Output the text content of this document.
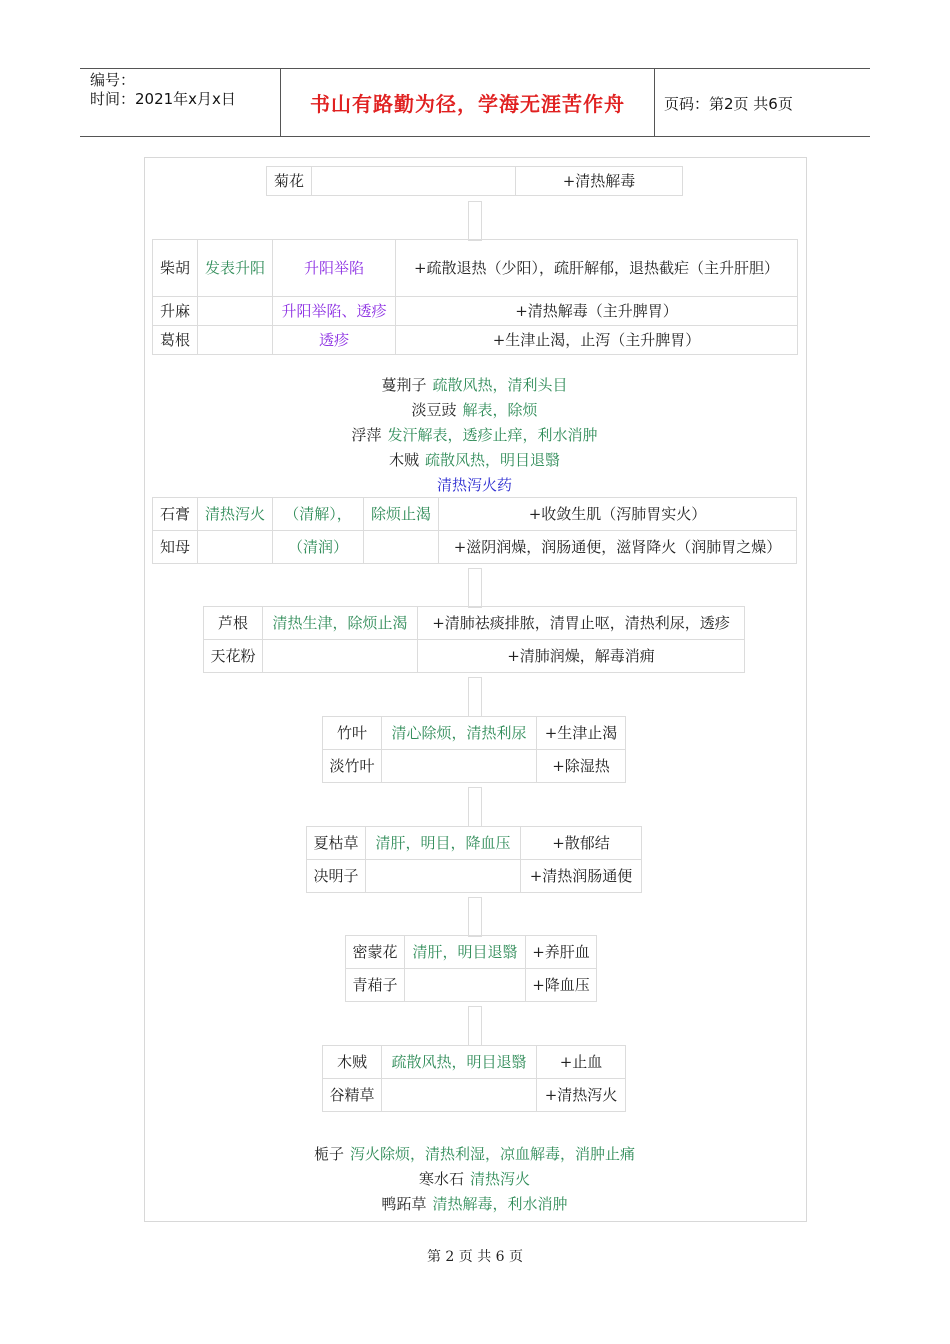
编号：
时间：2021年x月x日	书山有路勤为径，学海无涯苦作舟	页码：第2页 共6页
菊花		+清热解毒
柴胡	发表升阳	升阳举陷	+疏散退热（少阳），疏肝解郁，退热截疟（主升肝胆）
升麻		升阳举陷、透疹	+清热解毒（主升脾胃）
葛根		透疹	+生津止渴，止泻（主升脾胃）
蔓荆子 疏散风热，清利头目
淡豆豉 解表，除烦
浮萍 发汗解表，透疹止痒，利水消肿
木贼 疏散风热，明目退翳
清热泻火药
石膏	清热泻火	（清解），	除烦止渴	+收敛生肌（泻肺胃实火）
知母		（清润）		+滋阴润燥，润肠通便，滋肾降火（润肺胃之燥）
芦根	清热生津，除烦止渴	+清肺祛痰排脓，清胃止呕，清热利尿，透疹
天花粉		+清肺润燥，解毒消痈
竹叶	清心除烦，清热利尿	+生津止渴
淡竹叶		+除湿热
夏枯草	清肝，明目，降血压	+散郁结
决明子		+清热润肠通便
密蒙花	清肝，明目退翳	+养肝血
青葙子		+降血压
木贼	疏散风热，明目退翳	+止血
谷精草		+清热泻火
栀子 泻火除烦，清热利湿，凉血解毒，消肿止痛
寒水石 清热泻火
鸭跖草 清热解毒，利水消肿
第 2 页 共 6 页
